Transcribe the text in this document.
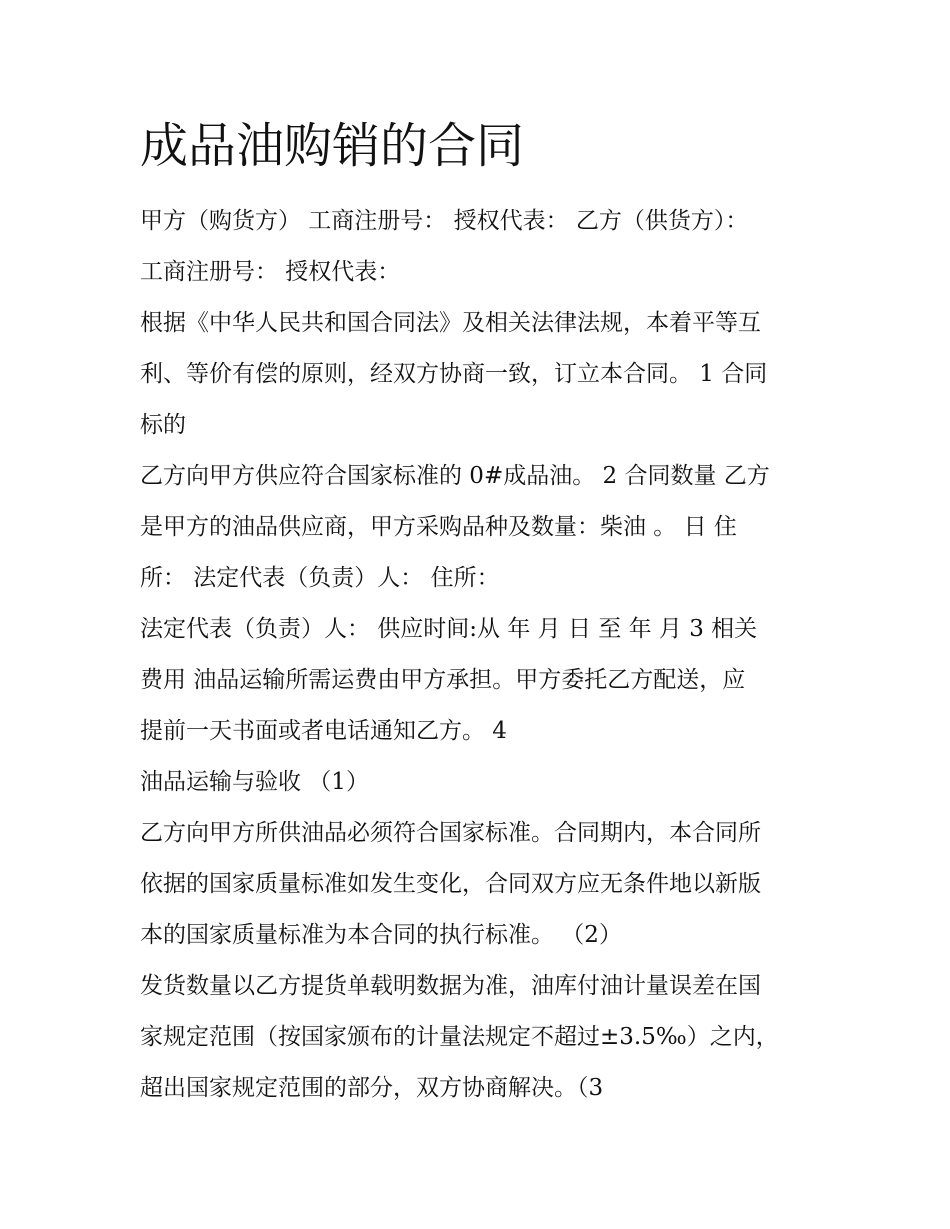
成品油购销的合同
甲方（购货方） 工商注册号： 授权代表： 乙方（供货方）：
工商注册号： 授权代表：
根据《中华人民共和国合同法》及相关法律法规，本着平等互
利、等价有偿的原则，经双方协商一致，订立本合同。 1 合同
标的
乙方向甲方供应符合国家标准的 0#成品油。 2 合同数量 乙方
是甲方的油品供应商，甲方采购品种及数量：柴油 。 日 住
所： 法定代表（负责）人： 住所：
法定代表（负责）人： 供应时间:从 年 月 日 至 年 月 3 相关
费用 油品运输所需运费由甲方承担。甲方委托乙方配送，应
提前一天书面或者电话通知乙方。 4
油品运输与验收 （1）
乙方向甲方所供油品必须符合国家标准。合同期内，本合同所
依据的国家质量标准如发生变化，合同双方应无条件地以新版
本的国家质量标准为本合同的执行标准。 （2）
发货数量以乙方提货单载明数据为准，油库付油计量误差在国
家规定范围（按国家颁布的计量法规定不超过±3.5‰）之内，
超出国家规定范围的部分，双方协商解决。（3
